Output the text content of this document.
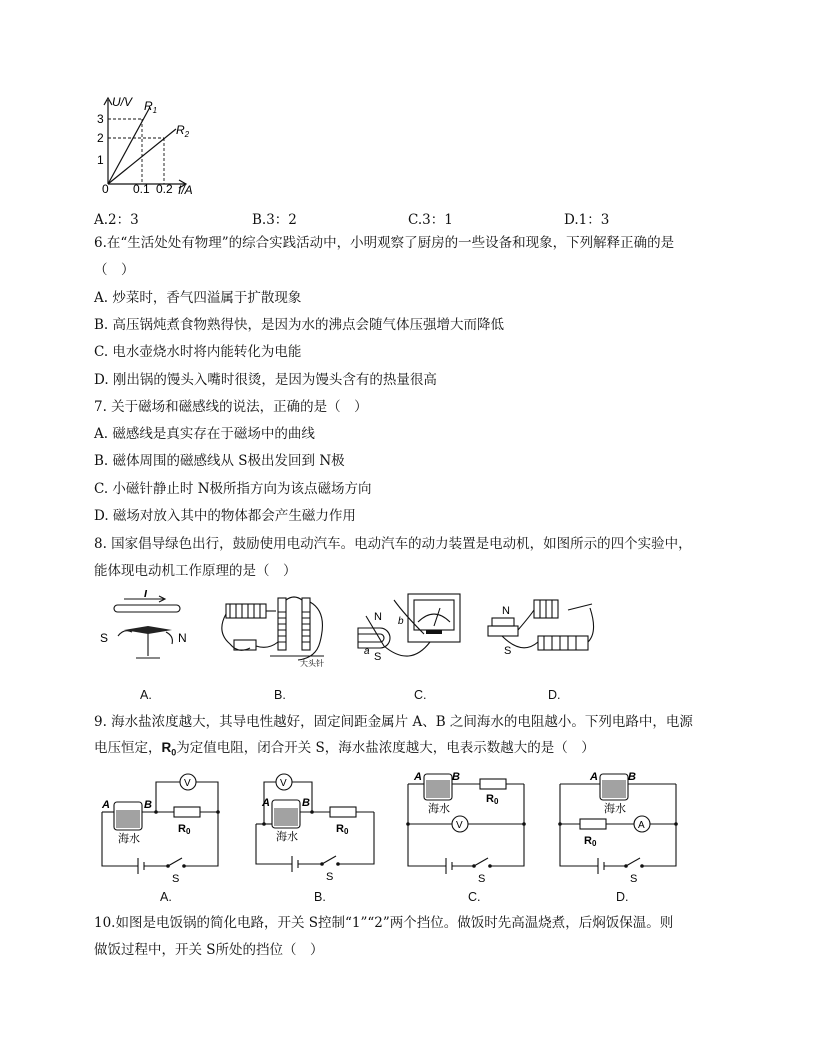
U/V
3
2
1
0 0.1 0.2 I/A
$R_1$
$R_2$
A.2：3	B.3：2	C.3：1	D.1：3
6.在“生活处处有物理”的综合实践活动中，小明观察了厨房的一些设备和现象，下列解释正确的是
（　）
A. 炒菜时，香气四溢属于扩散现象
B. 高压锅炖煮食物熟得快，是因为水的沸点会随气体压强增大而降低
C. 电水壶烧水时将内能转化为电能
D. 刚出锅的馒头入嘴时很烫，是因为馒头含有的热量很高
7. 关于磁场和磁感线的说法，正确的是（　）
A. 磁感线是真实存在于磁场中的曲线
B. 磁体周围的磁感线从 S极出发回到 N极
C. 小磁针静止时 N极所指方向为该点磁场方向
D. 磁场对放入其中的物体都会产生磁力作用
8. 国家倡导绿色出行，鼓励使用电动汽车。电动汽车的动力装置是电动机，如图所示的四个实验中，
能体现电动机工作原理的是（　）
I
S	N
大头针
N
S
a
b
N
S
A.	B.	C.	D.
9. 海水盐浓度越大，其导电性越好，固定间距金属片 A、B 之间海水的电阻越小。下列电路中，电源
电压恒定，$R_0$为定值电阻，闭合开关 S，海水盐浓度越大，电表示数越大的是（　）
A	B
海水
R0
V
S
A	B
海水
R0
V
S
A	B
海水
R0
V
S
A	B
海水
R0
A
S
A.	B.	C.	D.
10.如图是电饭锅的简化电路，开关 S控制“1”“2”两个挡位。做饭时先高温烧煮，后焖饭保温。则
做饭过程中，开关 S所处的挡位（　）
